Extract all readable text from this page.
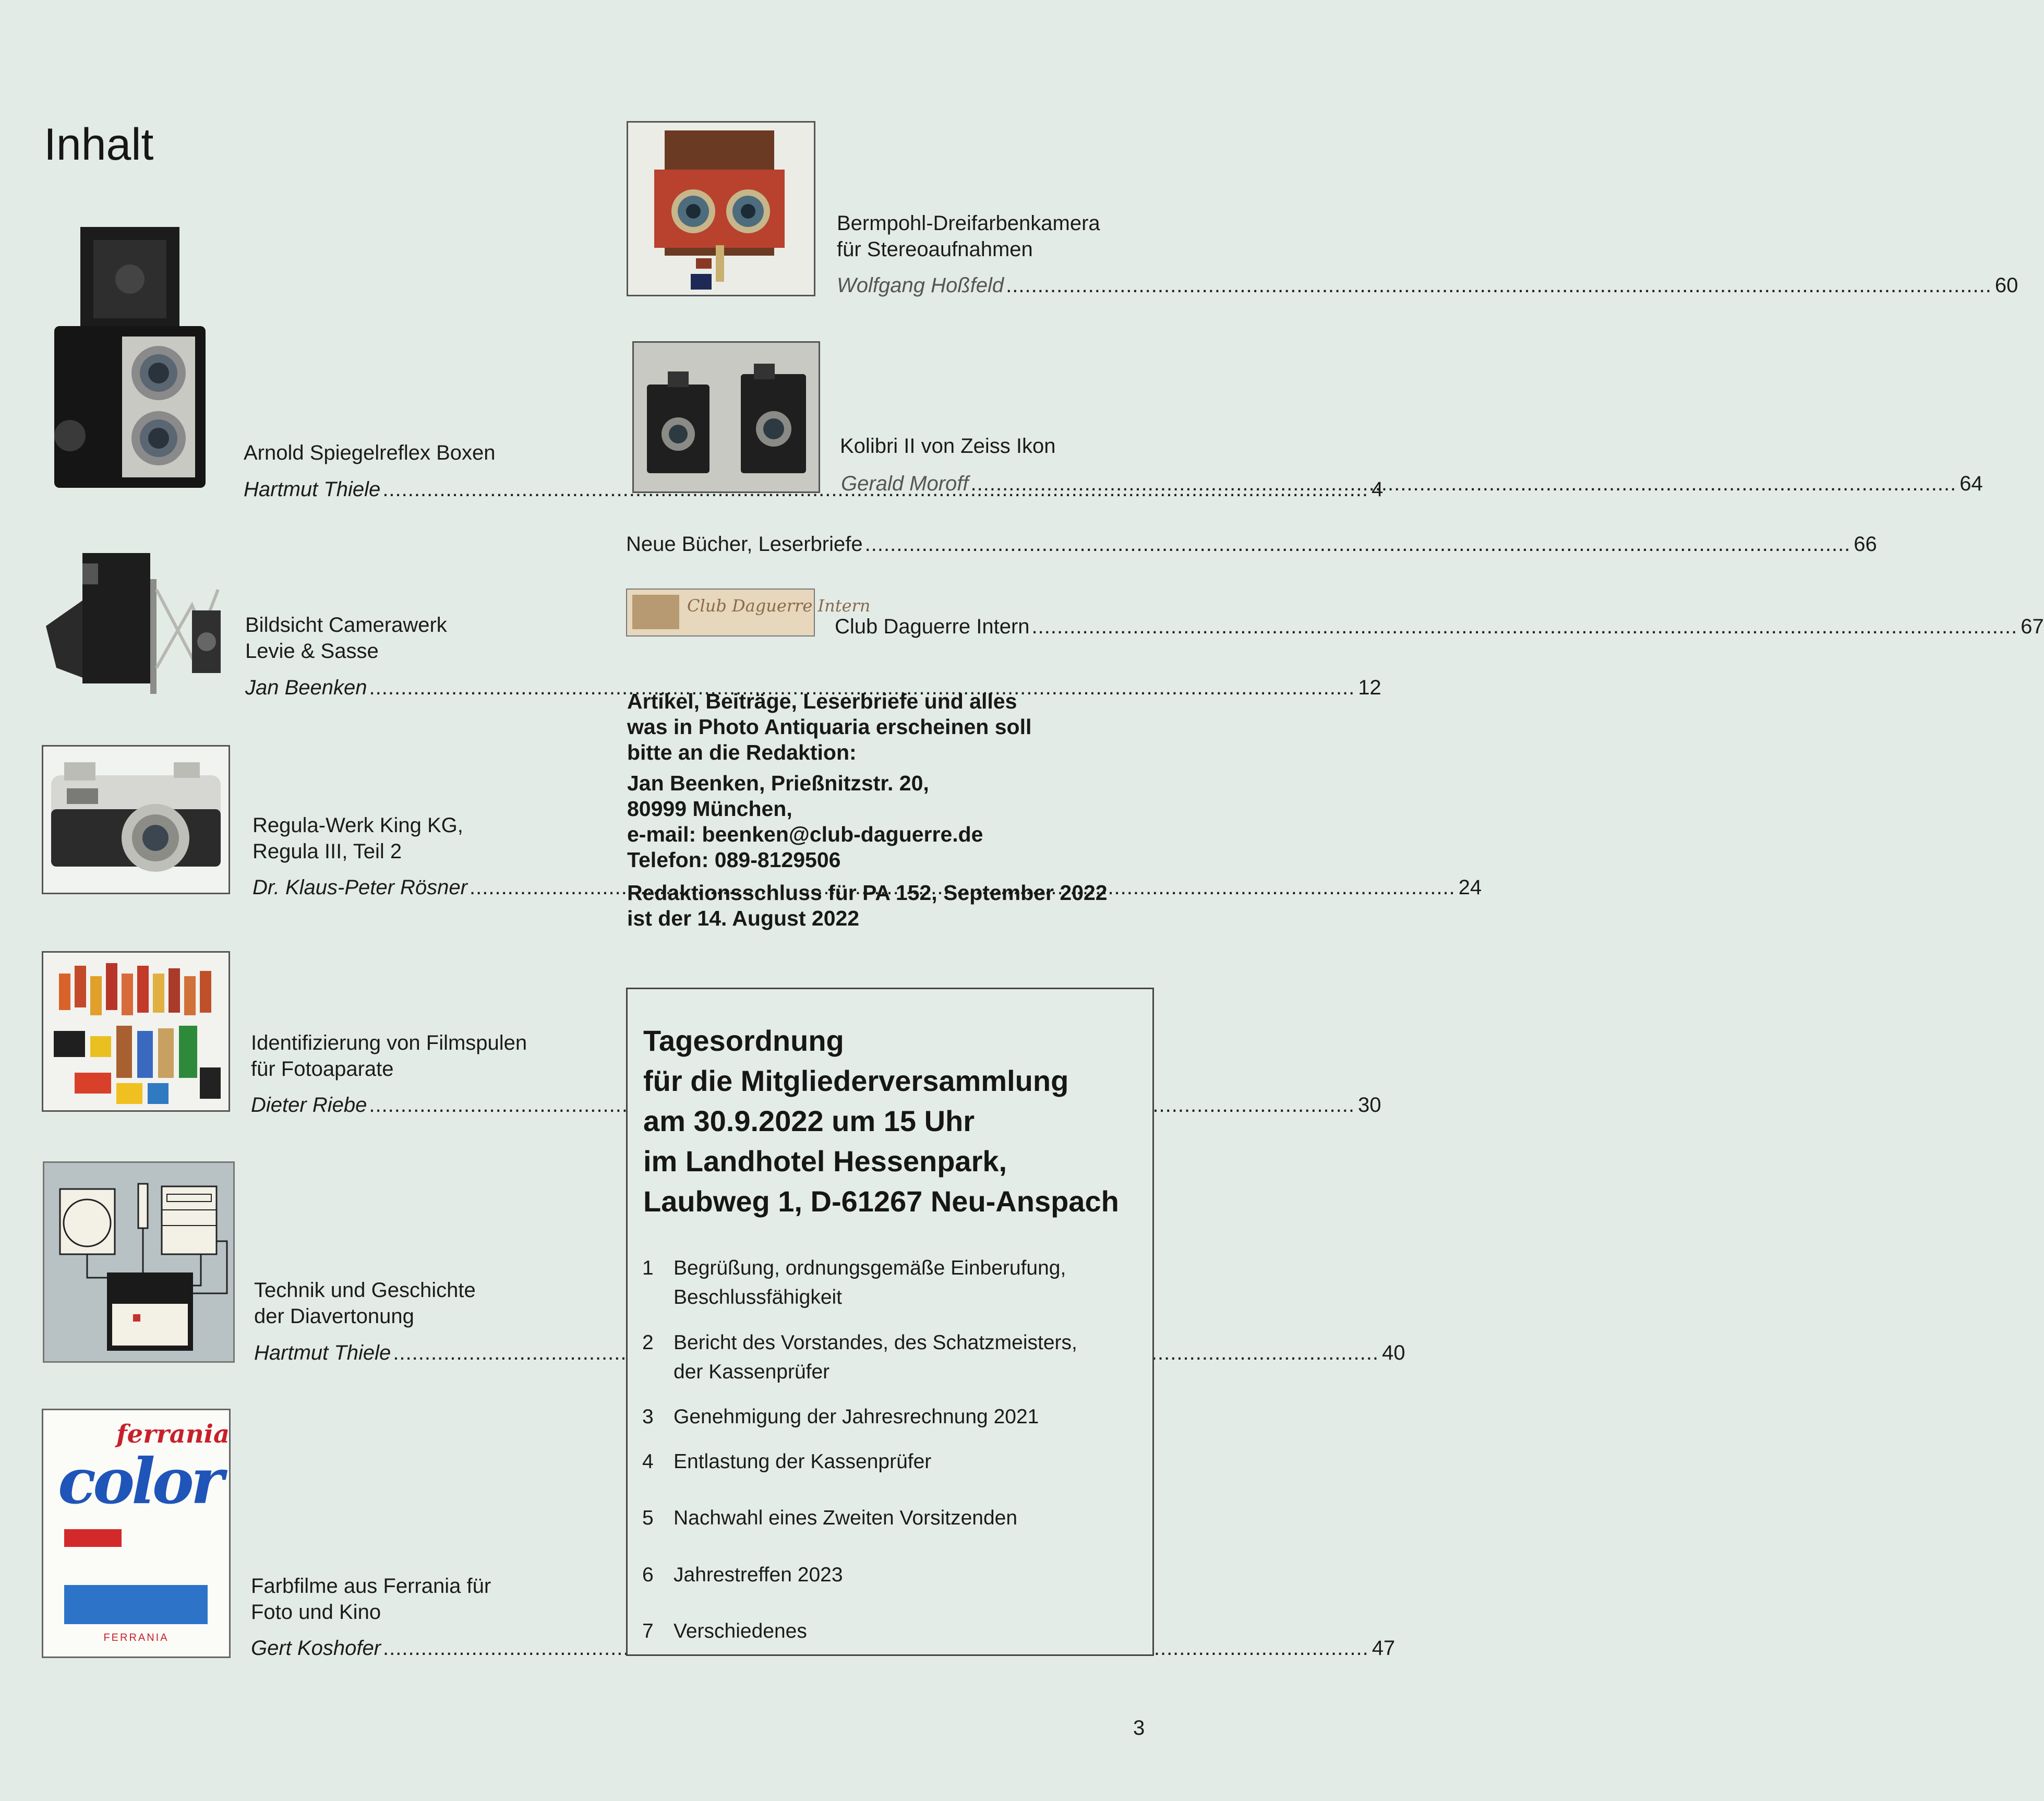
Inhalt
Arnold Spiegelreflex Boxen
Hartmut Thiele .....	4
Bildsicht Camerawerk
Levie & Sasse
Jan Beenken .....	12
Regula-Werk King KG,
Regula III, Teil 2
Dr. Klaus-Peter Rösner .....	24
Identifizierung von Filmspulen
für Fotoaparate
Dieter Riebe .....	30
Technik und Geschichte
der Diavertonung
Hartmut Thiele .....	40
ferrania
color
FERRANIA
Farbfilme aus Ferrania für
Foto und Kino
Gert Koshofer .....	47
Bermpohl-Dreifarbenkamera
für Stereoaufnahmen
Wolfgang Hoßfeld .....	60
Kolibri II von Zeiss Ikon
Gerald Moroff .....	64
Neue Bücher, Leserbriefe .....	66
Club Daguerre Intern
Club Daguerre Intern .....	67

Artikel, Beiträge, Leserbriefe und alles

was in Photo Antiquaria erscheinen soll

bitte an die Redaktion:

Jan Beenken, Prießnitzstr. 20,

80999 München,

e-mail: beenken@club-daguerre.de

Telefon: 089-8129506

Redaktionsschluss für PA 152, September 2022

ist der 14. August 2022

Tagesordnung
für die Mitgliederversammlung
am 30.9.2022 um 15 Uhr
im Landhotel Hessenpark,
Laubweg 1, D-61267 Neu-Anspach
1 Begrüßung, ordnungsgemäße Einberufung,
Beschlussfähigkeit
2 Bericht des Vorstandes, des Schatzmeisters,
der Kassenprüfer
3 Genehmigung der Jahresrechnung 2021
4 Entlastung der Kassenprüfer
5 Nachwahl eines Zweiten Vorsitzenden
6 Jahrestreffen 2023
7 Verschiedenes
3
